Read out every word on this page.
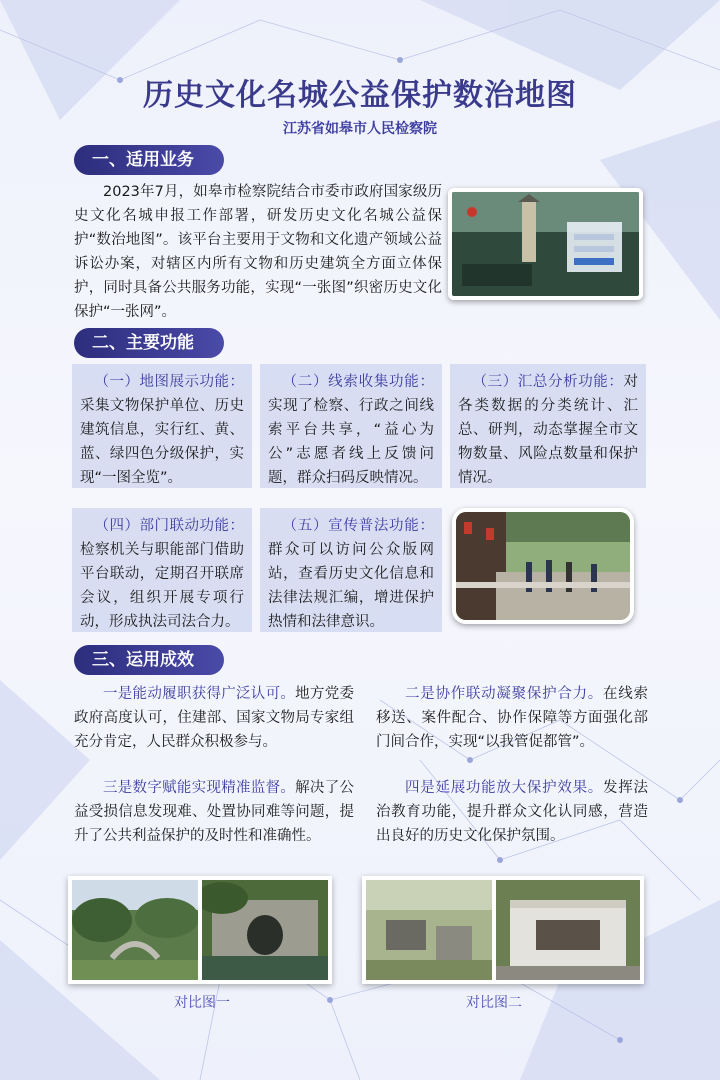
历史文化名城公益保护数治地图
江苏省如皋市人民检察院
一、适用业务
2023年7月，如皋市检察院结合市委市政府国家级历史文化名城申报工作部署，研发历史文化名城公益保护“数治地图”。该平台主要用于文物和文化遗产领域公益诉讼办案，对辖区内所有文物和历史建筑全方面立体保护，同时具备公共服务功能，实现“一张图”织密历史文化保护“一张网”。
二、主要功能
（一）地图展示功能：采集文物保护单位、历史建筑信息，实行红、黄、蓝、绿四色分级保护，实现“一图全览”。
（二）线索收集功能：实现了检察、行政之间线索平台共享，“益心为公”志愿者线上反馈问题，群众扫码反映情况。
（三）汇总分析功能：对各类数据的分类统计、汇总、研判，动态掌握全市文物数量、风险点数量和保护情况。
（四）部门联动功能：检察机关与职能部门借助平台联动，定期召开联席会议，组织开展专项行动，形成执法司法合力。
（五）宣传普法功能：群众可以访问公众版网站，查看历史文化信息和法律法规汇编，增进保护热情和法律意识。
三、运用成效
一是能动履职获得广泛认可。地方党委政府高度认可，住建部、国家文物局专家组充分肯定，人民群众积极参与。
二是协作联动凝聚保护合力。在线索移送、案件配合、协作保障等方面强化部门间合作，实现“以我管促都管”。
三是数字赋能实现精准监督。解决了公益受损信息发现难、处置协同难等问题，提升了公共利益保护的及时性和准确性。
四是延展功能放大保护效果。发挥法治教育功能，提升群众文化认同感，营造出良好的历史文化保护氛围。
对比图一	对比图二
